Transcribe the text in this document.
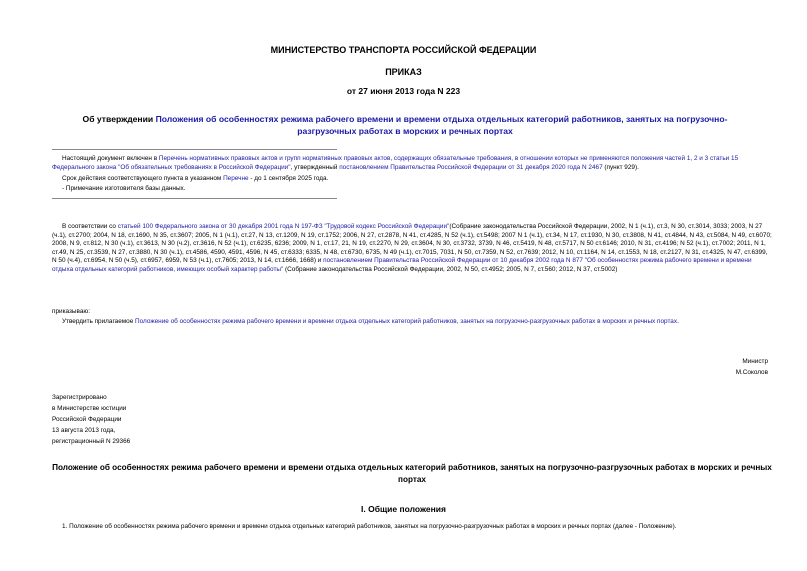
МИНИСТЕРСТВО ТРАНСПОРТА РОССИЙСКОЙ ФЕДЕРАЦИИ
ПРИКАЗ
от 27 июня 2013 года N 223
Об утверждении Положения об особенностях режима рабочего времени и времени отдыха отдельных категорий работников, занятых на погрузочно-разгрузочных работах в морских и речных портах
Настоящий документ включен в Перечень нормативных правовых актов и групп нормативных правовых актов, содержащих обязательные требования, в отношении которых не применяются положения частей 1, 2 и 3 статьи 15 Федерального закона "Об обязательных требованиях в Российской Федерации", утвержденный постановлением Правительства Российской Федерации от 31 декабря 2020 года N 2467 (пункт 929).
Срок действия соответствующего пункта в указанном Перечне - до 1 сентября 2025 года.
- Примечание изготовителя базы данных.
В соответствии со статьей 100 Федерального закона от 30 декабря 2001 года N 197-ФЗ "Трудовой кодекс Российской Федерации"(Собрание законодательства Российской Федерации, 2002, N 1 (ч.1), ст.3, N 30, ст.3014, 3033; 2003, N 27 (ч.1), ст.2700; 2004, N 18, ст.1690, N 35, ст.3607; 2005, N 1 (ч.1), ст.27, N 13, ст.1209, N 19, ст.1752; 2006, N 27, ст.2878, N 41, ст.4285, N 52 (ч.1), ст.5498; 2007 N 1 (ч.1), ст.34, N 17, ст.1930, N 30, ст.3808, N 41, ст.4844, N 43, ст.5084, N 49, ст.6070; 2008, N 9, ст.812, N 30 (ч.1), ст.3613, N 30 (ч.2), ст.3616, N 52 (ч.1), ст.6235, 6236; 2009, N 1, ст.17, 21, N 19, ст.2270, N 29, ст.3604, N 30, ст.3732, 3739, N 46, ст.5419, N 48, ст.5717, N 50 ст.6146; 2010, N 31, ст.4196; N 52 (ч.1), ст.7002; 2011, N 1, ст.49, N 25, ст.3539, N 27, ст.3880, N 30 (ч.1), ст.4586, 4590, 4591, 4596, N 45, ст.6333; 6335, N 48, ст.6730, 6735, N 49 (ч.1), ст.7015, 7031, N 50, ст.7359, N 52, ст.7639; 2012, N 10, ст.1164, N 14, ст.1553, N 18, ст.2127, N 31, ст.4325, N 47, ст.6399, N 50 (ч.4), ст.6954, N 50 (ч.5), ст.6957, 6959, N 53 (ч.1), ст.7605; 2013, N 14, ст.1666, 1668) и постановлением Правительства Российской Федерации от 10 декабря 2002 года N 877 "Об особенностях режима рабочего времени и времени отдыха отдельных категорий работников, имеющих особый характер работы" (Собрание законодательства Российской Федерации, 2002, N 50, ст.4952; 2005, N 7, ст.560; 2012, N 37, ст.5002)
приказываю:
Утвердить прилагаемое Положение об особенностях режима рабочего времени и времени отдыха отдельных категорий работников, занятых на погрузочно-разгрузочных работах в морских и речных портах.
Министр
М.Соколов
Зарегистрировано
в Министерстве юстиции
Российской Федерации
13 августа 2013 года,
регистрационный N 29366
Положение об особенностях режима рабочего времени и времени отдыха отдельных категорий работников, занятых на погрузочно-разгрузочных работах в морских и речных портах
I. Общие положения
1. Положение об особенностях режима рабочего времени и времени отдыха отдельных категорий работников, занятых на погрузочно-разгрузочных работах в морских и речных портах (далее - Положение).
